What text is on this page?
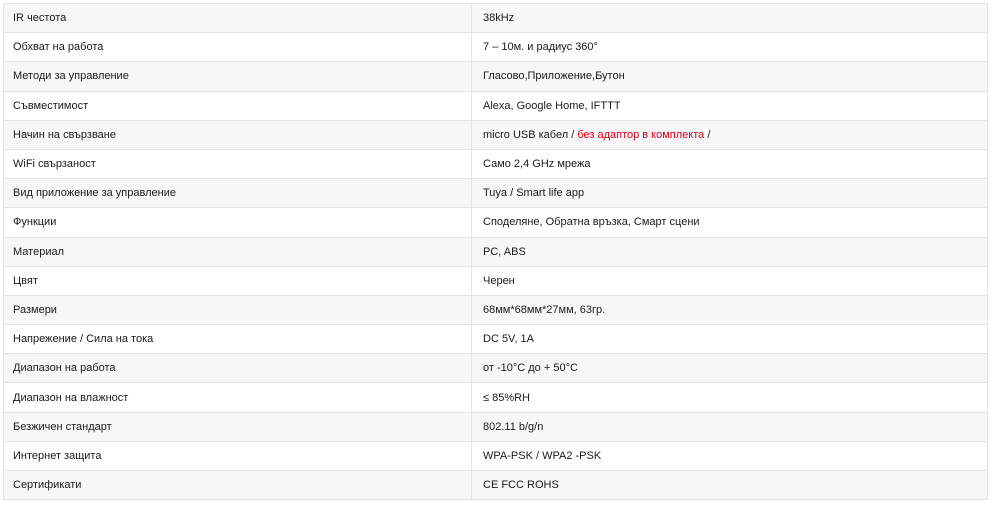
IR честота	38kHz
Обхват на работа	7 – 10м. и радиус 360°
Методи за управление	Гласово,Приложение,Бутон
Съвместимост	Alexa, Google Home, IFTTT
Начин на свързване	micro USB кабел / без адаптор в комплекта /
WiFi свързаност	Само 2,4 GHz мрежа
Вид приложение за управление	Tuya / Smart life app
Функции	Споделяне, Обратна връзка, Смарт сцени
Материал	PC, ABS
Цвят	Черен
Размери	68мм*68мм*27мм, 63гр.
Напрежение / Сила на тока	DC 5V, 1A
Диапазон на работа	от -10°C до + 50°C
Диапазон на влажност	≤ 85%RH
Безжичен стандарт	802.11 b/g/n
Интернет защита	WPA-PSK / WPA2 -PSK
Сертификати	CE FCC ROHS
